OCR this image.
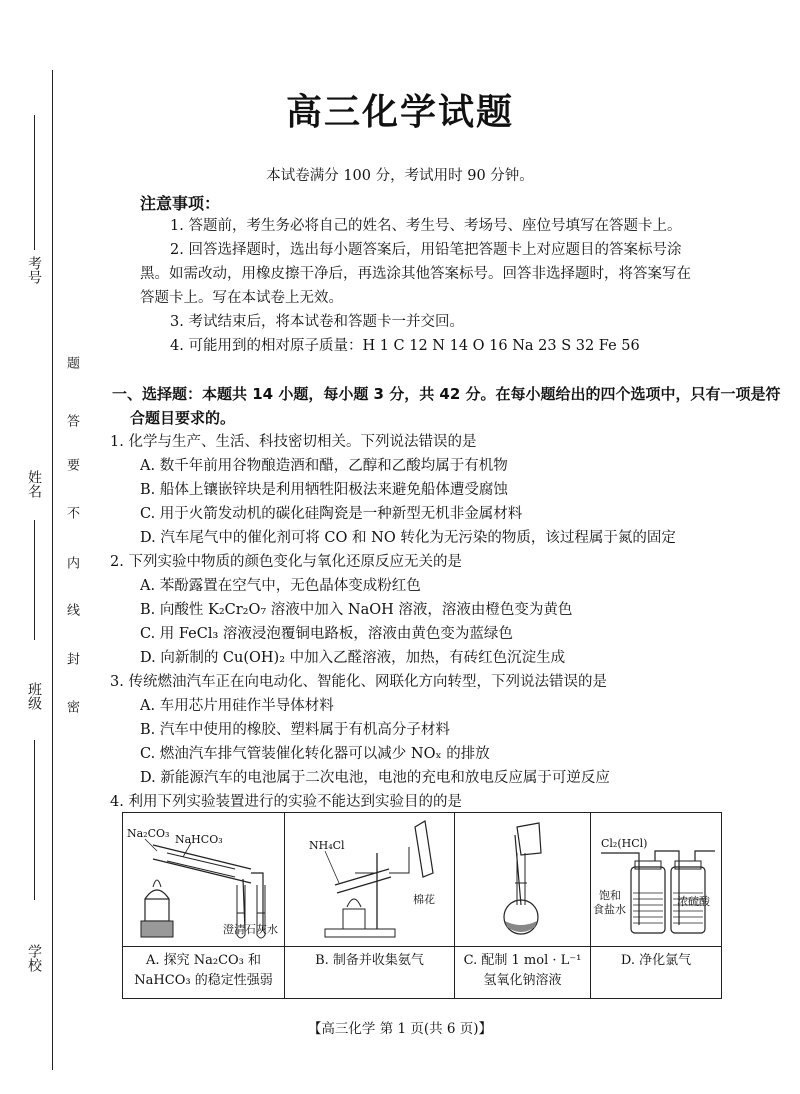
考号
姓名
班级
学校
题
答
要
不
内
线
封
密
高三化学试题
本试卷满分 100 分，考试用时 90 分钟。
注意事项：
1. 答题前，考生务必将自己的姓名、考生号、考场号、座位号填写在答题卡上。
2. 回答选择题时，选出每小题答案后，用铅笔把答题卡上对应题目的答案标号涂
黑。如需改动，用橡皮擦干净后，再选涂其他答案标号。回答非选择题时，将答案写在
答题卡上。写在本试卷上无效。
3. 考试结束后，将本试卷和答题卡一并交回。
4. 可能用到的相对原子质量：H 1 C 12 N 14 O 16 Na 23 S 32 Fe 56
一、选择题：本题共 14 小题，每小题 3 分，共 42 分。在每小题给出的四个选项中，只有一项是符
合题目要求的。
1. 化学与生产、生活、科技密切相关。下列说法错误的是
A. 数千年前用谷物酿造酒和醋，乙醇和乙酸均属于有机物
B. 船体上镶嵌锌块是利用牺牲阳极法来避免船体遭受腐蚀
C. 用于火箭发动机的碳化硅陶瓷是一种新型无机非金属材料
D. 汽车尾气中的催化剂可将 CO 和 NO 转化为无污染的物质，该过程属于氮的固定
2. 下列实验中物质的颜色变化与氧化还原反应无关的是
A. 苯酚露置在空气中，无色晶体变成粉红色
B. 向酸性 K₂Cr₂O₇ 溶液中加入 NaOH 溶液，溶液由橙色变为黄色
C. 用 FeCl₃ 溶液浸泡覆铜电路板，溶液由黄色变为蓝绿色
D. 向新制的 Cu(OH)₂ 中加入乙醛溶液，加热，有砖红色沉淀生成
3. 传统燃油汽车正在向电动化、智能化、网联化方向转型，下列说法错误的是
A. 车用芯片用硅作半导体材料
B. 汽车中使用的橡胶、塑料属于有机高分子材料
C. 燃油汽车排气管装催化转化器可以减少 NOₓ 的排放
D. 新能源汽车的电池属于二次电池，电池的充电和放电反应属于可逆反应
4. 利用下列实验装置进行的实验不能达到实验目的的是
Na₂CO₃ NaHCO₃
澄清石灰水
A. 探究 Na₂CO₃ 和
NaHCO₃ 的稳定性强弱
NH₄Cl
棉花
B. 制备并收集氨气	C. 配制 1 mol · L⁻¹
氢氧化钠溶液
Cl₂(HCl)
饱和
食盐水
浓硫酸
D. 净化氯气
【高三化学 第 1 页(共 6 页)】
